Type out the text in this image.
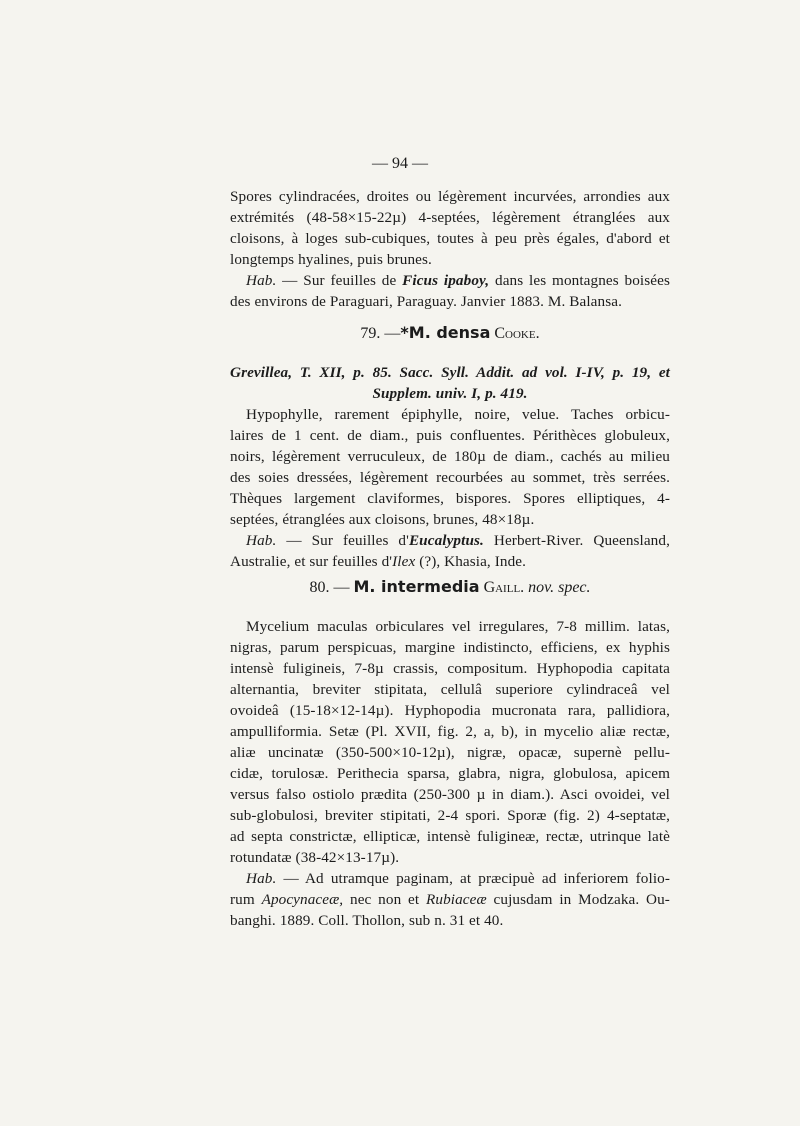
— 94 —
Spores cylindracées, droites ou légèrement incurvées, arrondies aux
extrémités (48-58×15-22µ) 4-septées, légèrement étranglées aux
cloisons, à loges sub-cubiques, toutes à peu près égales, d'abord et
longtemps hyalines, puis brunes.
Hab. — Sur feuilles de Ficus ipaboy, dans les montagnes boisées
des environs de Paraguari, Paraguay. Janvier 1883. M. Balansa.
79. —*M. densa Cooke.
Grevillea, T. XII, p. 85. Sacc. Syll. Addit. ad vol. I-IV, p. 19, et
Supplem. univ. I, p. 419.
Hypophylle, rarement épiphylle, noire, velue. Taches orbicu-
laires de 1 cent. de diam., puis confluentes. Périthèces globuleux,
noirs, légèrement verruculeux, de 180µ de diam., cachés au milieu
des soies dressées, légèrement recourbées au sommet, très serrées.
Thèques largement claviformes, bispores. Spores elliptiques, 4-
septées, étranglées aux cloisons, brunes, 48×18µ.
Hab. — Sur feuilles d'Eucalyptus. Herbert-River. Queensland,
Australie, et sur feuilles d'Ilex (?), Khasia, Inde.
80. — M. intermedia Gaill. nov. spec.
Mycelium maculas orbiculares vel irregulares, 7-8 millim. latas,
nigras, parum perspicuas, margine indistincto, efficiens, ex hyphis
intensè fuligineis, 7-8µ crassis, compositum. Hyphopodia capitata
alternantia, breviter stipitata, cellulâ superiore cylindraceâ vel
ovoideâ (15-18×12-14µ). Hyphopodia mucronata rara, pallidiora,
ampulliformia. Setæ (Pl. XVII, fig. 2, a, b), in mycelio aliæ rectæ,
aliæ uncinatæ (350-500×10-12µ), nigræ, opacæ, supernè pellu-
cidæ, torulosæ. Perithecia sparsa, glabra, nigra, globulosa, apicem
versus falso ostiolo prædita (250-300 µ in diam.). Asci ovoidei, vel
sub-globulosi, breviter stipitati, 2-4 spori. Sporæ (fig. 2) 4-septatæ,
ad septa constrictæ, ellipticæ, intensè fuligineæ, rectæ, utrinque latè
rotundatæ (38-42×13-17µ).
Hab. — Ad utramque paginam, at præcipuè ad inferiorem folio-
rum Apocynaceæ, nec non et Rubiaceæ cujusdam in Modzaka. Ou-
banghi. 1889. Coll. Thollon, sub n. 31 et 40.
